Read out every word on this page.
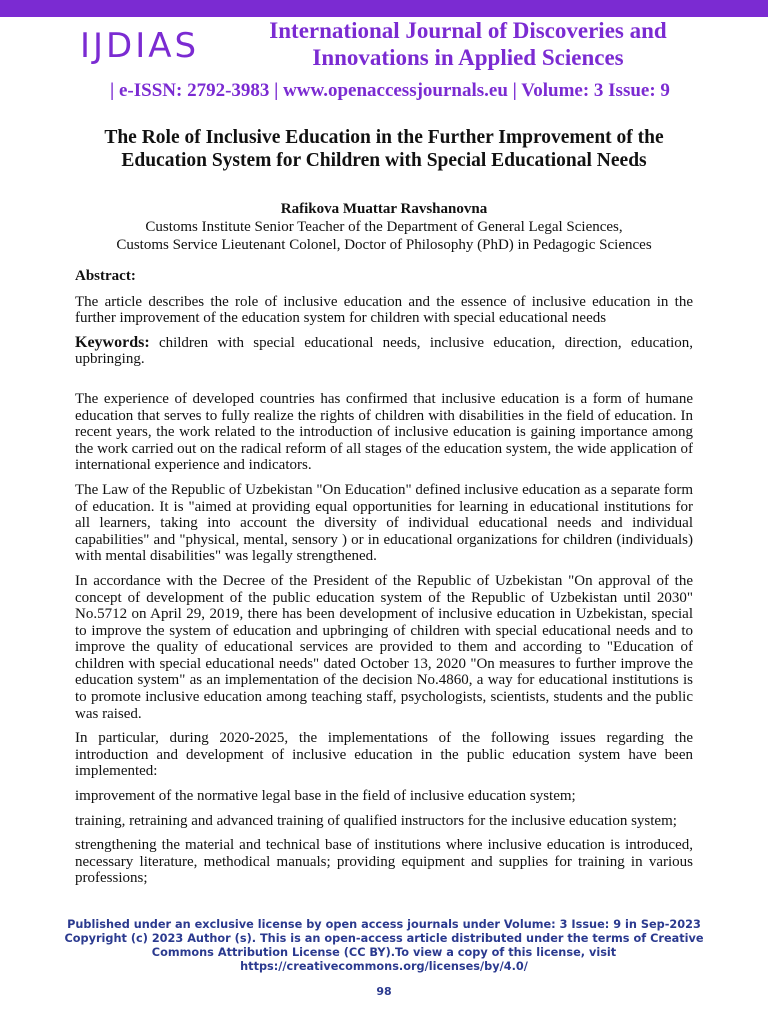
IJDIAS	International Journal of Discoveries and Innovations in Applied Sciences
| e-ISSN: 2792-3983 | www.openaccessjournals.eu | Volume: 3 Issue: 9
The Role of Inclusive Education in the Further Improvement of the Education System for Children with Special Educational Needs
Rafikova Muattar Ravshanovna
Customs Institute Senior Teacher of the Department of General Legal Sciences,
Customs Service Lieutenant Colonel, Doctor of Philosophy (PhD) in Pedagogic Sciences

Abstract:

The article describes the role of inclusive education and the essence of inclusive education in the further improvement of the education system for children with special educational needs

Keywords: children with special educational needs, inclusive education, direction, education, upbringing.

The experience of developed countries has confirmed that inclusive education is a form of humane education that serves to fully realize the rights of children with disabilities in the field of education. In recent years, the work related to the introduction of inclusive education is gaining importance among the work carried out on the radical reform of all stages of the education system, the wide application of international experience and indicators.

The Law of the Republic of Uzbekistan "On Education" defined inclusive education as a separate form of education. It is "aimed at providing equal opportunities for learning in educational institutions for all learners, taking into account the diversity of individual educational needs and individual capabilities" and "physical, mental, sensory ) or in educational organizations for children (individuals) with mental disabilities" was legally strengthened.

In accordance with the Decree of the President of the Republic of Uzbekistan "On approval of the concept of development of the public education system of the Republic of Uzbekistan until 2030" No.5712 on April 29, 2019, there has been development of inclusive education in Uzbekistan, special to improve the system of education and upbringing of children with special educational needs and to improve the quality of educational services are provided to them and according to "Education of children with special educational needs" dated October 13, 2020 "On measures to further improve the education system" as an implementation of the decision No.4860, a way for educational institutions is to promote inclusive education among teaching staff, psychologists, scientists, students and the public was raised.

In particular, during 2020-2025, the implementations of the following issues regarding the introduction and development of inclusive education in the public education system have been implemented:

improvement of the normative legal base in the field of inclusive education system;

training, retraining and advanced training of qualified instructors for the inclusive education system;

strengthening the material and technical base of institutions where inclusive education is introduced, necessary literature, methodical manuals; providing equipment and supplies for training in various professions;

Published under an exclusive license by open access journals under Volume: 3 Issue: 9 in Sep-2023
Copyright (c) 2023 Author (s). This is an open-access article distributed under the terms of Creative Commons Attribution License (CC BY).To view a copy of this license, visit
https://creativecommons.org/licenses/by/4.0/
98
